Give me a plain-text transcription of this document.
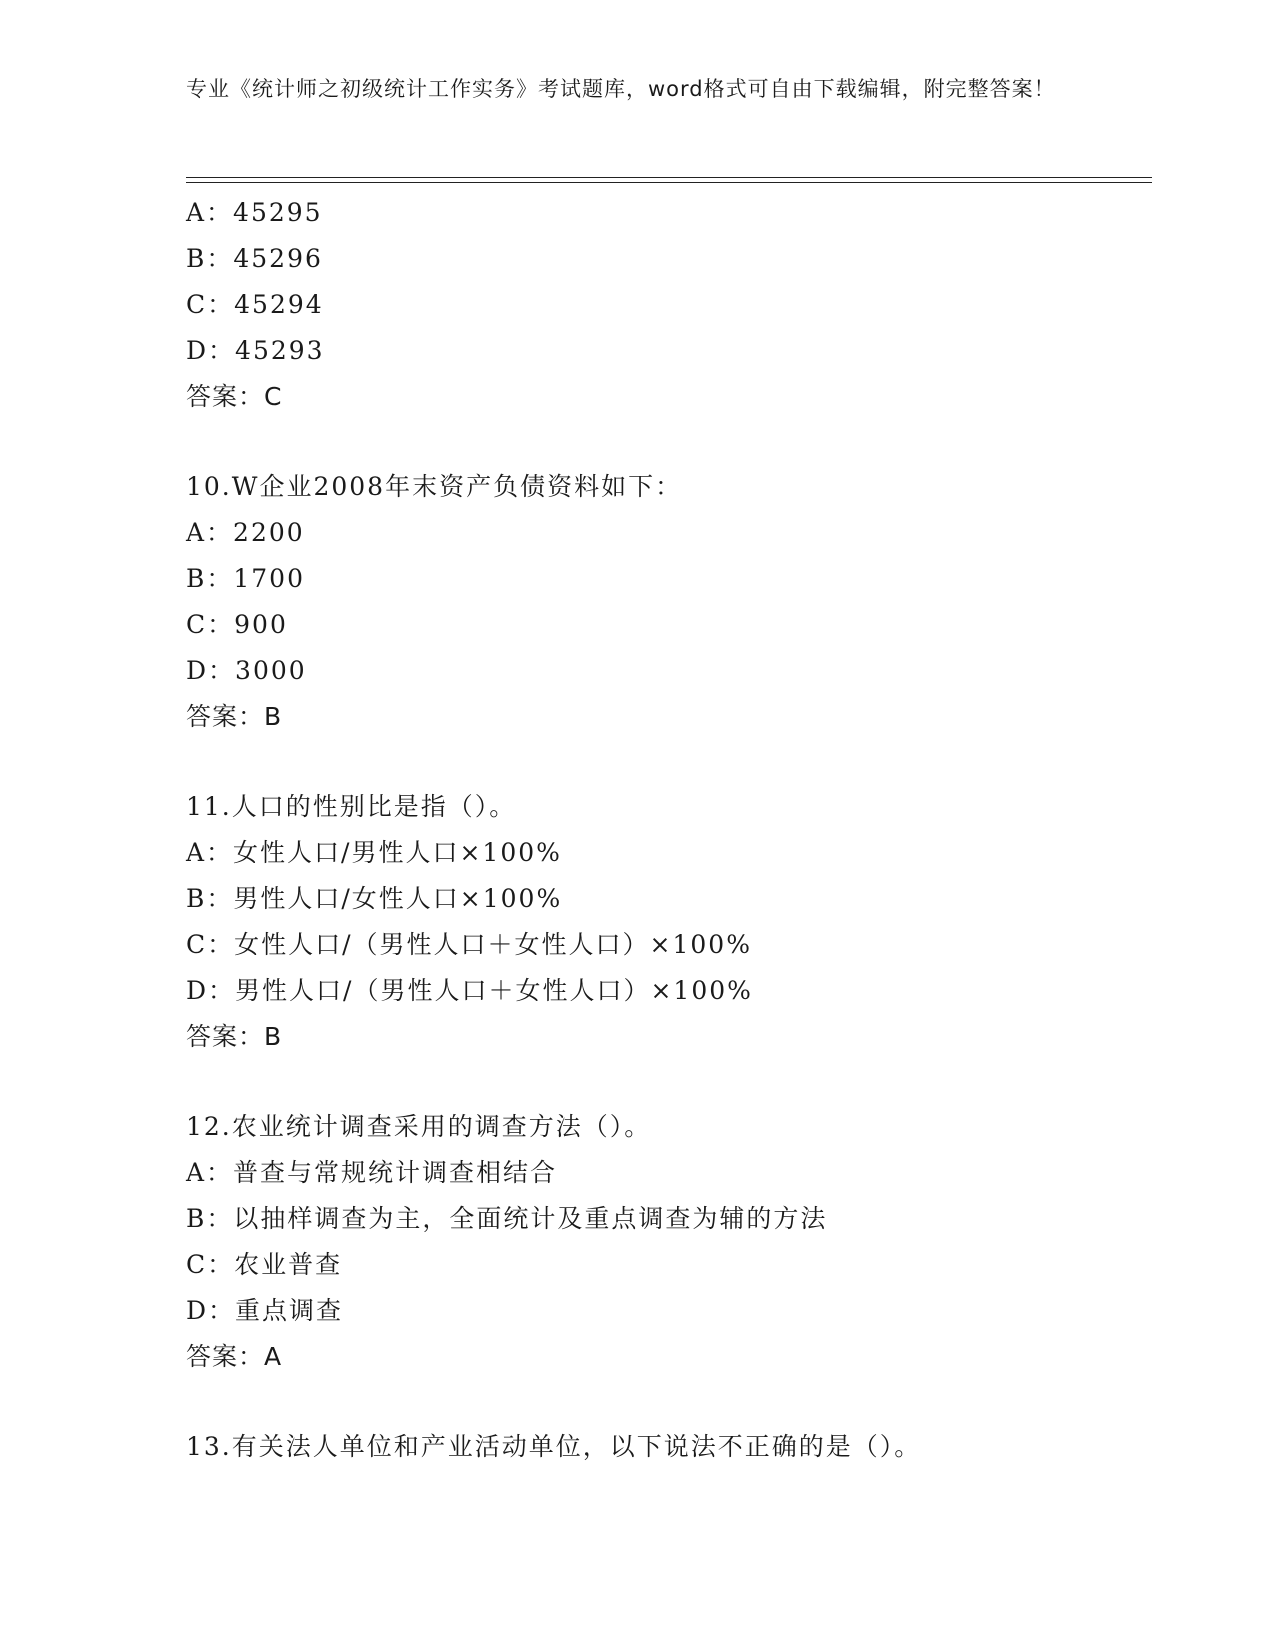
专业《统计师之初级统计工作实务》考试题库，word格式可自由下载编辑，附完整答案！
A：45295
B：45296
C：45294
D：45293
答案：C
10.W企业2008年末资产负债资料如下：
A：2200
B：1700
C：900
D：3000
答案：B
11.人口的性别比是指（）。
A：女性人口/男性人口×100%
B：男性人口/女性人口×100%
C：女性人口/（男性人口＋女性人口）×100%
D：男性人口/（男性人口＋女性人口）×100%
答案：B
12.农业统计调查采用的调查方法（）。
A：普查与常规统计调查相结合
B：以抽样调查为主，全面统计及重点调查为辅的方法
C：农业普查
D：重点调查
答案：A
13.有关法人单位和产业活动单位，以下说法不正确的是（）。
